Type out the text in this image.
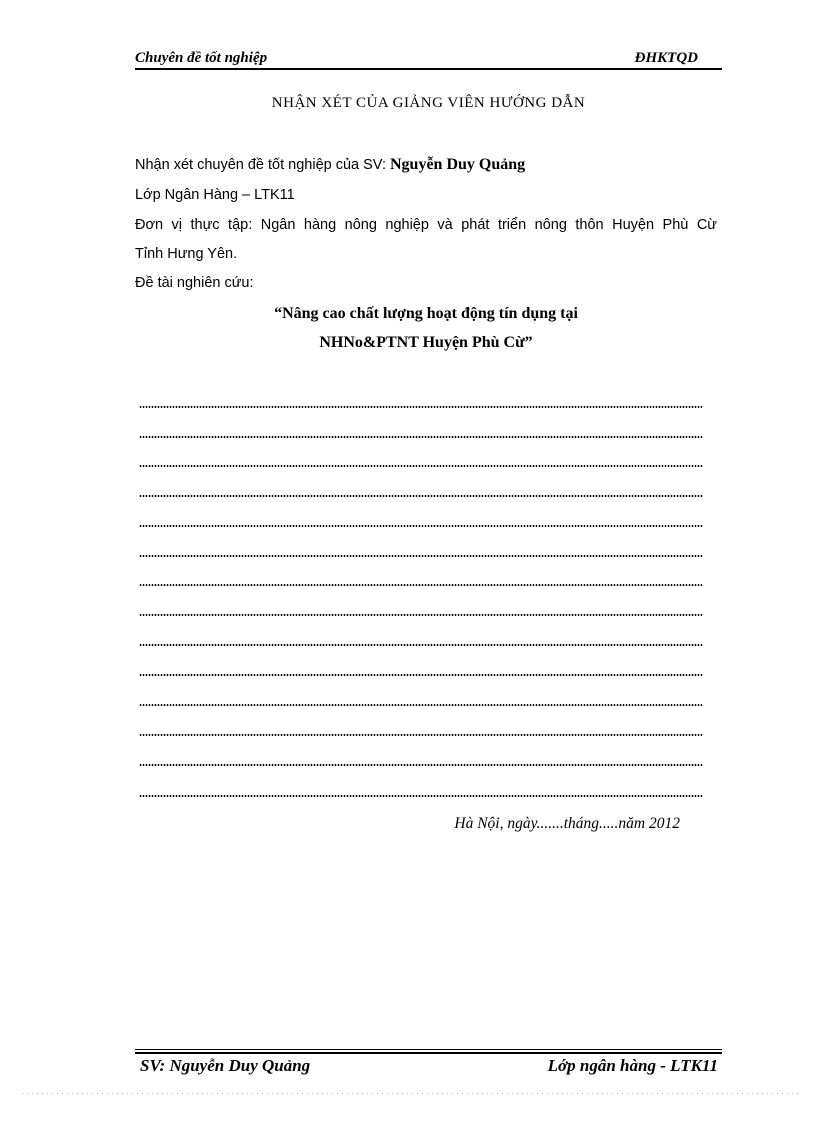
Chuyên đề tốt nghiệp	ĐHKTQD
NHẬN XÉT CỦA GIẢNG VIÊN HƯỚNG DẪN
Nhận xét chuyên đề tốt nghiệp của SV: Nguyễn Duy Quảng
Lớp Ngân Hàng – LTK11
Đơn vị thực tập: Ngân hàng nông nghiệp và phát triển nông thôn Huyện Phù Cừ
Tỉnh Hưng Yên.
Đề tài nghiên cứu:
“Nâng cao chất lượng hoạt động tín dụng tại
NHNo&PTNT Huyện Phù Cừ”
Hà Nội, ngày.......tháng.....năm 2012
SV: Nguyễn Duy Quảng	Lớp ngân hàng - LTK11
